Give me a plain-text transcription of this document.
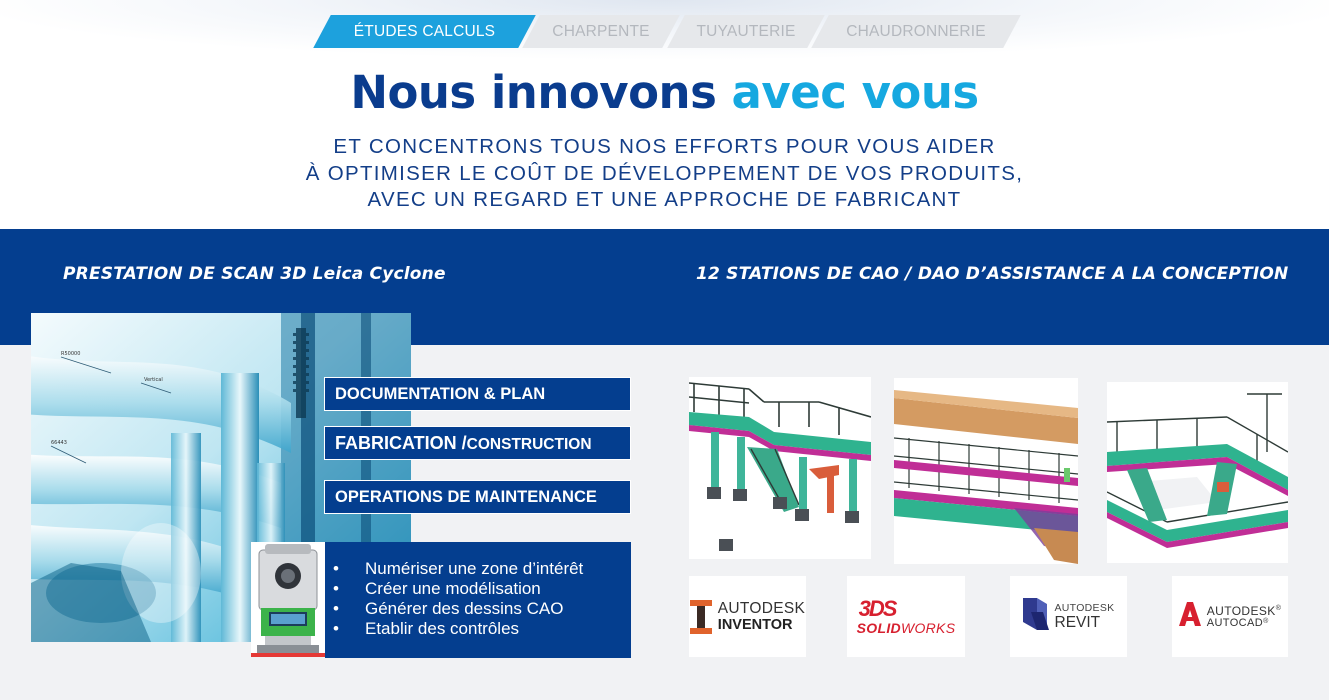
ÉTUDES CALCULS	CHARPENTE	TUYAUTERIE	CHAUDRONNERIE
Nous innovons avec vous
ET CONCENTRONS TOUS NOS EFFORTS POUR VOUS AIDER
À OPTIMISER LE COÛT DE DÉVELOPPEMENT DE VOS PRODUITS,
AVEC UN REGARD ET UNE APPROCHE DE FABRICANT
PRESTATION DE SCAN 3D Leica Cyclone	12 STATIONS DE CAO / DAO D’ASSISTANCE A LA CONCEPTION
R50000
Vertical
66443
DOCUMENTATION & PLAN
FABRICATION /CONSTRUCTION
OPERATIONS DE MAINTENANCE
• Numériser une zone d’intérêt
• Créer une modélisation
• Générer des dessins CAO
• Etablir des contrôles
AUTODESK
INVENTOR
3DS
SOLIDWORKS
AUTODESK
REVIT
AUTODESK®
AUTOCAD®
